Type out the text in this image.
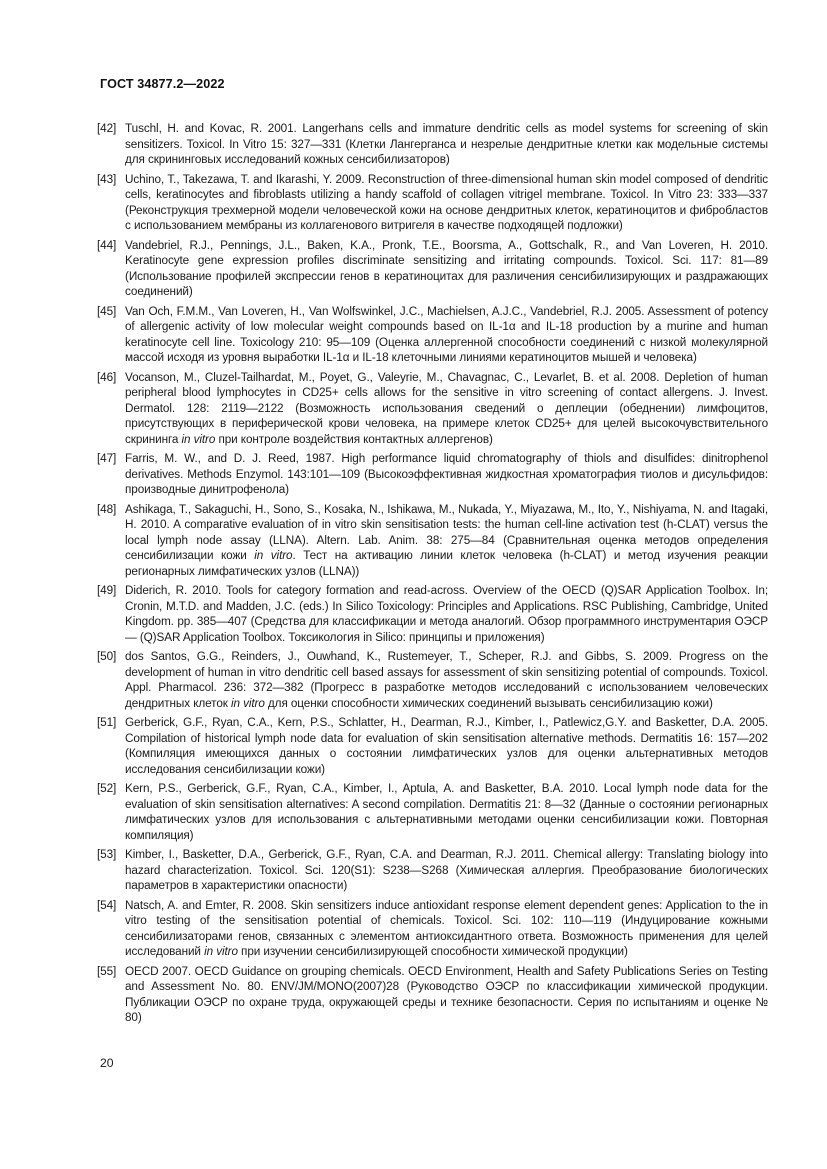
ГОСТ 34877.2—2022
[42] Tuschl, H. and Kovac, R. 2001. Langerhans cells and immature dendritic cells as model systems for screening of skin sensitizers. Toxicol. In Vitro 15: 327—331 (Клетки Лангерганса и незрелые дендритные клетки как модельные системы для скрининговых исследований кожных сенсибилизаторов)
[43] Uchino, T., Takezawa, T. and Ikarashi, Y. 2009. Reconstruction of three-dimensional human skin model composed of dendritic cells, keratinocytes and fibroblasts utilizing a handy scaffold of collagen vitrigel membrane. Toxicol. In Vitro 23: 333—337 (Реконструкция трехмерной модели человеческой кожи на основе дендритных клеток, кератиноцитов и фибробластов с использованием мембраны из коллагенового витригеля в качестве подходящей подложки)
[44] Vandebriel, R.J., Pennings, J.L., Baken, K.A., Pronk, T.E., Boorsma, A., Gottschalk, R., and Van Loveren, H. 2010. Keratinocyte gene expression profiles discriminate sensitizing and irritating compounds. Toxicol. Sci. 117: 81—89 (Использование профилей экспрессии генов в кератиноцитах для различения сенсибилизирующих и раздражающих соединений)
[45] Van Och, F.M.M., Van Loveren, H., Van Wolfswinkel, J.C., Machielsen, A.J.C., Vandebriel, R.J. 2005. Assessment of potency of allergenic activity of low molecular weight compounds based on IL-1α and IL-18 production by a murine and human keratinocyte cell line. Toxicology 210: 95—109 (Оценка аллергенной способности соединений с низкой молекулярной массой исходя из уровня выработки IL-1α и IL-18 клеточными линиями кератиноцитов мышей и человека)
[46] Vocanson, M., Cluzel-Tailhardat, M., Poyet, G., Valeyrie, M., Chavagnac, C., Levarlet, B. et al. 2008. Depletion of human peripheral blood lymphocytes in CD25+ cells allows for the sensitive in vitro screening of contact allergens. J. Invest. Dermatol. 128: 2119—2122 (Возможность использования сведений о деплеции (обеднении) лимфоцитов, присутствующих в периферической крови человека, на примере клеток CD25+ для целей высокочувствительного скрининга in vitro при контроле воздействия контактных аллергенов)
[47] Farris, M. W., and D. J. Reed, 1987. High performance liquid chromatography of thiols and disulfides: dinitrophenol derivatives. Methods Enzymol. 143:101—109 (Высокоэффективная жидкостная хроматография тиолов и дисульфидов: производные динитрофенола)
[48] Ashikaga, T., Sakaguchi, H., Sono, S., Kosaka, N., Ishikawa, M., Nukada, Y., Miyazawa, M., Ito, Y., Nishiyama, N. and Itagaki, H. 2010. A comparative evaluation of in vitro skin sensitisation tests: the human cell-line activation test (h-CLAT) versus the local lymph node assay (LLNA). Altern. Lab. Anim. 38: 275—84 (Сравнительная оценка методов определения сенсибилизации кожи in vitro. Тест на активацию линии клеток человека (h-CLAT) и метод изучения реакции регионарных лимфатических узлов (LLNA))
[49] Diderich, R. 2010. Tools for category formation and read-across. Overview of the OECD (Q)SAR Application Toolbox. In; Cronin, M.T.D. and Madden, J.C. (eds.) In Silico Toxicology: Principles and Applications. RSC Publishing, Cambridge, United Kingdom. pp. 385—407 (Средства для классификации и метода аналогий. Обзор программного инструментария ОЭСР — (Q)SAR Application Toolbox. Токсикология in Silico: принципы и приложения)
[50] dos Santos, G.G., Reinders, J., Ouwhand, K., Rustemeyer, T., Scheper, R.J. and Gibbs, S. 2009. Progress on the development of human in vitro dendritic cell based assays for assessment of skin sensitizing potential of compounds. Toxicol. Appl. Pharmacol. 236: 372—382 (Прогресс в разработке методов исследований с использованием человеческих дендритных клеток in vitro для оценки способности химических соединений вызывать сенсибилизацию кожи)
[51] Gerberick, G.F., Ryan, C.A., Kern, P.S., Schlatter, H., Dearman, R.J., Kimber, I., Patlewicz,G.Y. and Basketter, D.A. 2005. Compilation of historical lymph node data for evaluation of skin sensitisation alternative methods. Dermatitis 16: 157—202 (Компиляция имеющихся данных о состоянии лимфатических узлов для оценки альтернативных методов исследования сенсибилизации кожи)
[52] Kern, P.S., Gerberick, G.F., Ryan, C.A., Kimber, I., Aptula, A. and Basketter, B.A. 2010. Local lymph node data for the evaluation of skin sensitisation alternatives: A second compilation. Dermatitis 21: 8—32 (Данные о состоянии регионарных лимфатических узлов для использования с альтернативными методами оценки сенсибилизации кожи. Повторная компиляция)
[53] Kimber, I., Basketter, D.A., Gerberick, G.F., Ryan, C.A. and Dearman, R.J. 2011. Chemical allergy: Translating biology into hazard characterization. Toxicol. Sci. 120(S1): S238—S268 (Химическая аллергия. Преобразование биологических параметров в характеристики опасности)
[54] Natsch, A. and Emter, R. 2008. Skin sensitizers induce antioxidant response element dependent genes: Application to the in vitro testing of the sensitisation potential of chemicals. Toxicol. Sci. 102: 110—119 (Индуцирование кожными сенсибилизаторами генов, связанных с элементом антиоксидантного ответа. Возможность применения для целей исследований in vitro при изучении сенсибилизирующей способности химической продукции)
[55] OECD 2007. OECD Guidance on grouping chemicals. OECD Environment, Health and Safety Publications Series on Testing and Assessment No. 80. ENV/JM/MONO(2007)28 (Руководство ОЭСР по классификации химической продукции. Публикации ОЭСР по охране труда, окружающей среды и технике безопасности. Серия по испытаниям и оценке № 80)
20
